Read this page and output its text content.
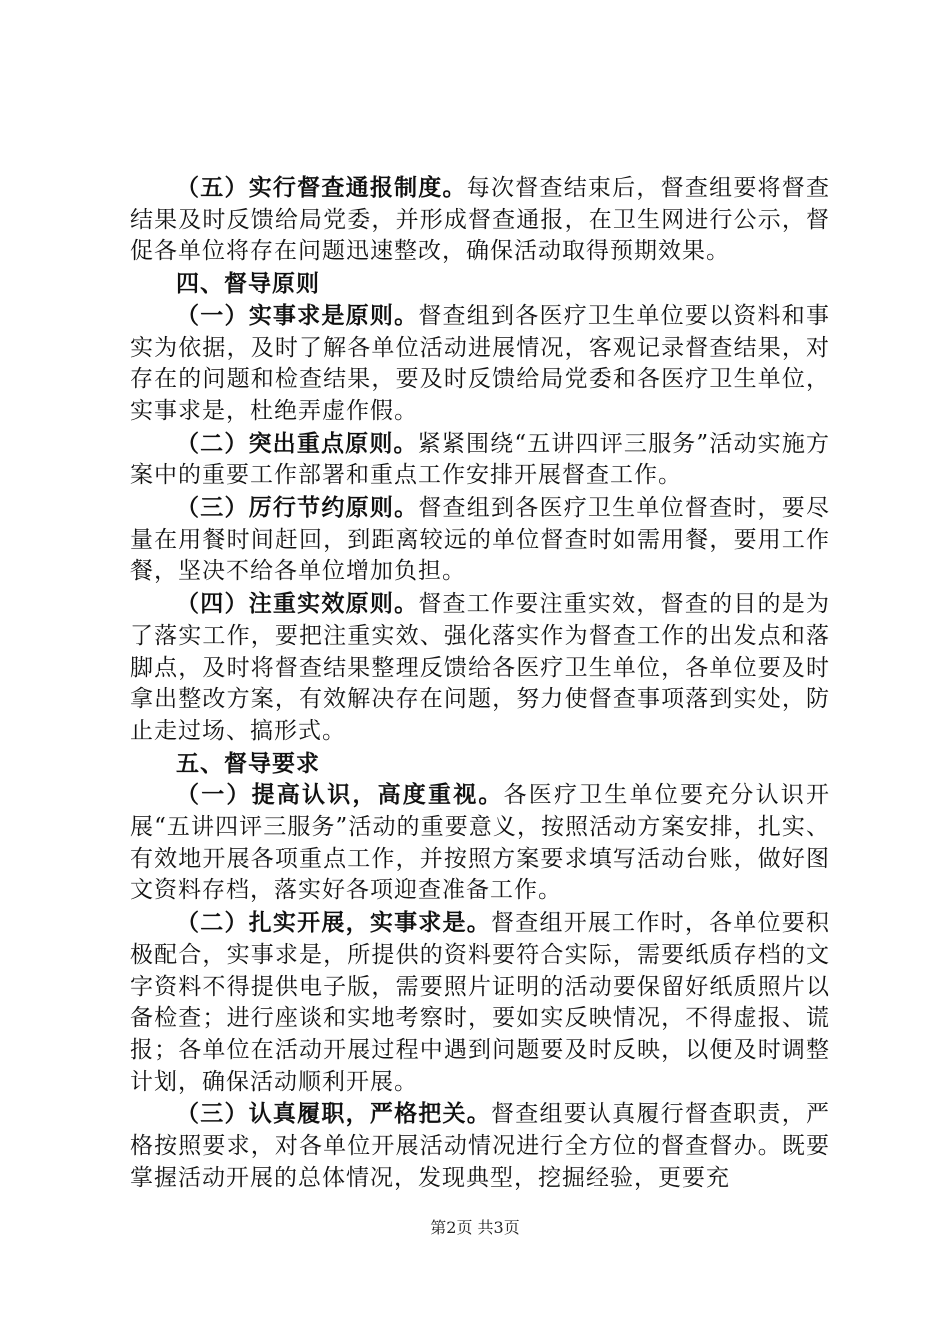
（五）实行督查通报制度。每次督查结束后，督查组要将督查结果及时反馈给局党委，并形成督查通报，在卫生网进行公示，督促各单位将存在问题迅速整改，确保活动取得预期效果。

四、督导原则

（一）实事求是原则。督查组到各医疗卫生单位要以资料和事实为依据，及时了解各单位活动进展情况，客观记录督查结果，对存在的问题和检查结果，要及时反馈给局党委和各医疗卫生单位，实事求是，杜绝弄虚作假。

（二）突出重点原则。紧紧围绕“五讲四评三服务”活动实施方案中的重要工作部署和重点工作安排开展督查工作。

（三）厉行节约原则。督查组到各医疗卫生单位督查时，要尽量在用餐时间赶回，到距离较远的单位督查时如需用餐，要用工作餐，坚决不给各单位增加负担。

（四）注重实效原则。督查工作要注重实效，督查的目的是为了落实工作，要把注重实效、强化落实作为督查工作的出发点和落脚点，及时将督查结果整理反馈给各医疗卫生单位，各单位要及时拿出整改方案，有效解决存在问题，努力使督查事项落到实处，防止走过场、搞形式。

五、督导要求

（一）提高认识，高度重视。各医疗卫生单位要充分认识开展“五讲四评三服务”活动的重要意义，按照活动方案安排，扎实、有效地开展各项重点工作，并按照方案要求填写活动台账，做好图文资料存档，落实好各项迎查准备工作。

（二）扎实开展，实事求是。督查组开展工作时，各单位要积极配合，实事求是，所提供的资料要符合实际，需要纸质存档的文字资料不得提供电子版，需要照片证明的活动要保留好纸质照片以备检查；进行座谈和实地考察时，要如实反映情况，不得虚报、谎报；各单位在活动开展过程中遇到问题要及时反映，以便及时调整计划，确保活动顺利开展。

（三）认真履职，严格把关。督查组要认真履行督查职责，严格按照要求，对各单位开展活动情况进行全方位的督查督办。既要掌握活动开展的总体情况，发现典型，挖掘经验，更要充

第2页 共3页
